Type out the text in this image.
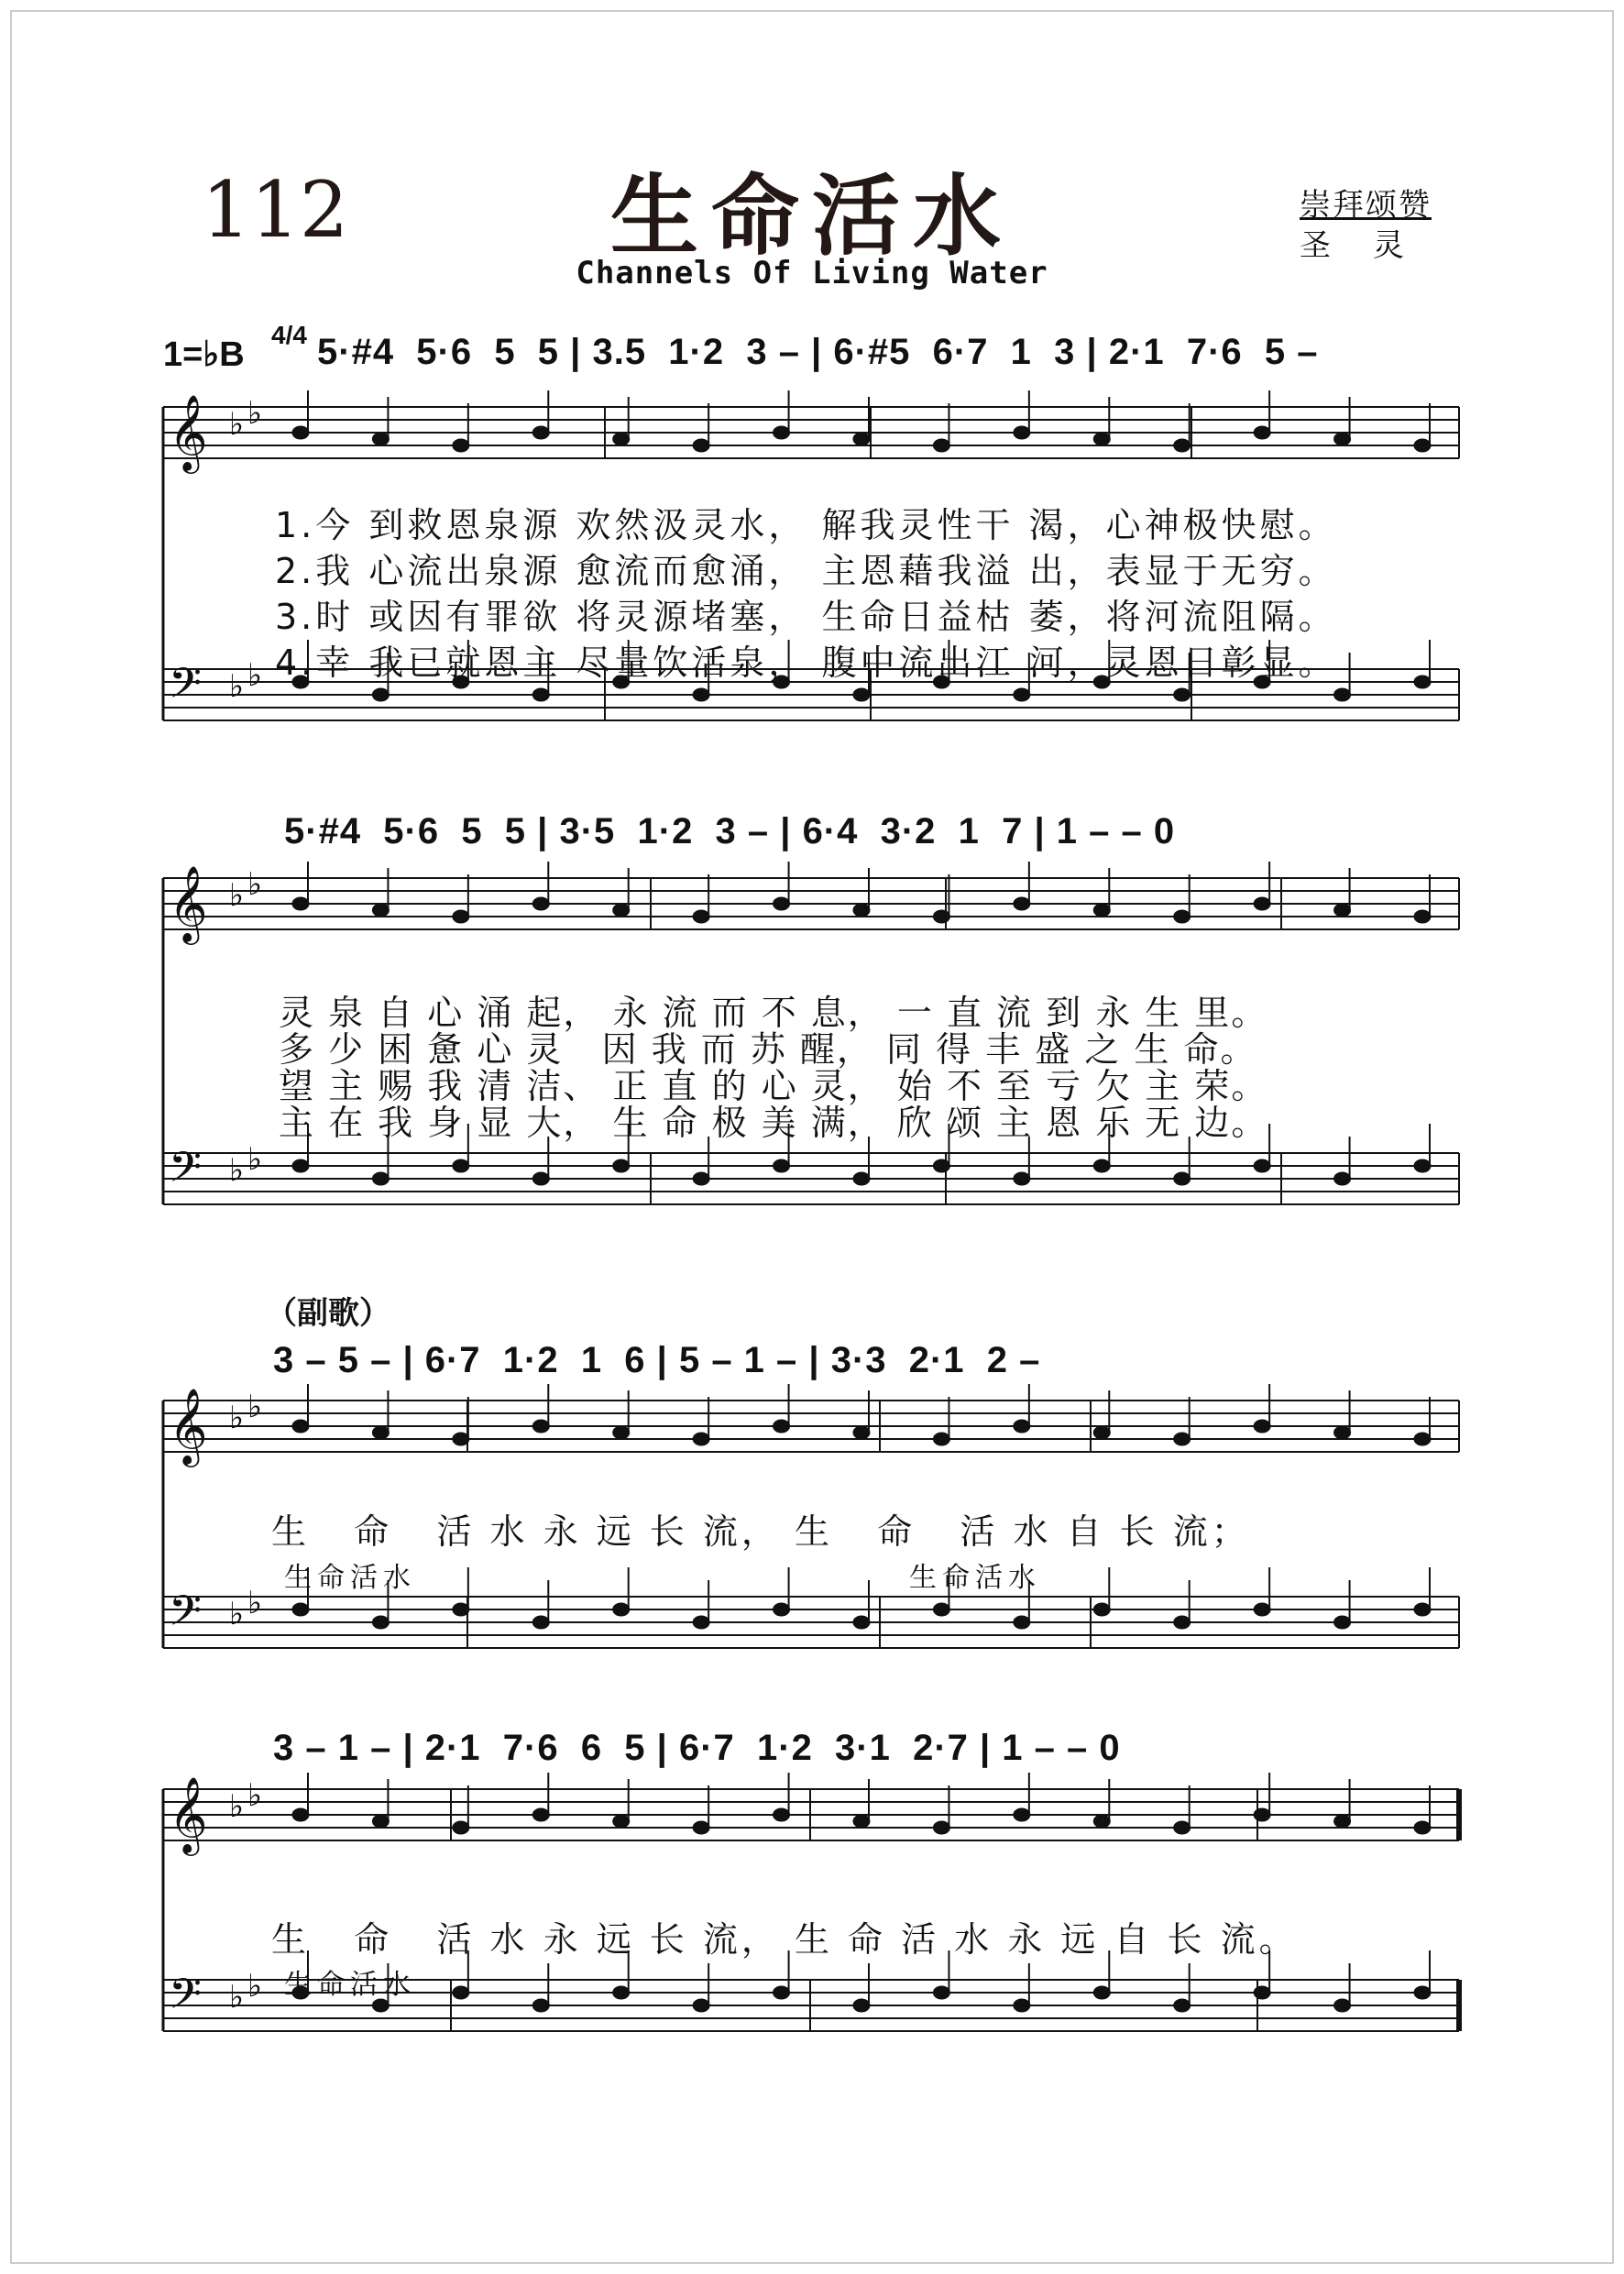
112	生命活水
Channels Of Living Water
崇拜颂赞
圣灵
1=♭B
4/4 5·#4  5·6  5  5 | 3.5  1·2  3 – | 6·#5  6·7  1  3 | 2·1  7·6  5 –
5·#4  5·6  5  5 | 3·5  1·2  3 – | 6·4  3·2  1  7 | 1 – – 0
3 – 5 – | 6·7  1·2  1  6 | 5 – 1 – | 3·3  2·1  2 –
3 – 1 – | 2·1  7·6  6  5 | 6·7  1·2  3·1  2·7 | 1 – – 0
𝄞 ♭ ♭
𝄢 ♭ ♭
𝄞 ♭ ♭
𝄢 ♭ ♭
𝄞 ♭ ♭
𝄢 ♭ ♭
𝄞 ♭ ♭
𝄢 ♭ ♭
1.今 到救恩泉源 欢然汲灵水， 解我灵性干 渴，心神极快慰。
2.我 心流出泉源 愈流而愈涌， 主恩藉我溢 出，表显于无穷。
3.时 或因有罪欲 将灵源堵塞， 生命日益枯 萎，将河流阻隔。
4.幸 我已就恩主 尽量饮活泉， 腹中流出江 河，灵恩日彰显。
灵 泉 自 心 涌 起， 永 流 而 不 息， 一 直 流 到 永 生 里。
多 少 困 惫 心 灵   因 我 而 苏 醒， 同 得 丰 盛 之 生 命。
望 主 赐 我 清 洁、 正 直 的 心 灵， 始 不 至 亏 欠 主 荣。
主 在 我 身 显 大， 生 命 极 美 满， 欣 颂 主 恩 乐 无 边。
（副歌）
生   命   活 水 永 远 长 流， 生   命   活 水 自 长 流；
生命活水	生命活水
生   命   活 水 永 远 长 流， 生 命 活 水 永 远 自 长 流。
生命活水
